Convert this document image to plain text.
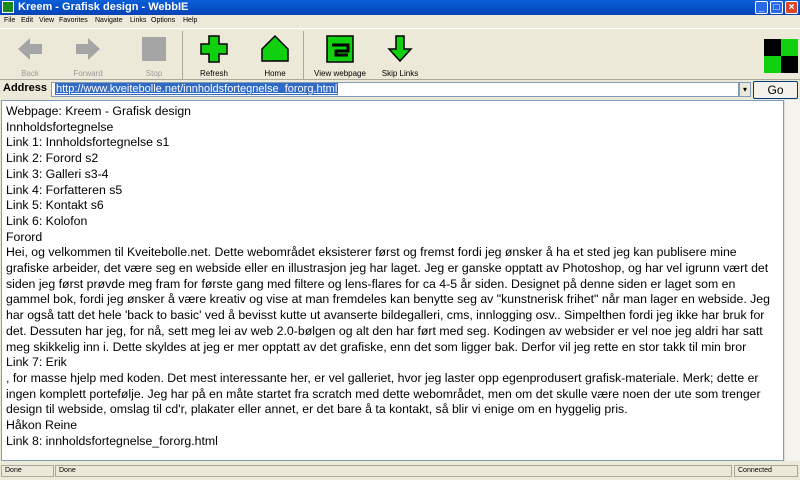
Kreem - Grafisk design - WebbIE	_ □ ×
File Edit View Favorites Navigate Links Options Help
Back	Forward	Stop	Refresh	Home	View webpage	Skip Links
Address http://www.kveitebolle.net/innholdsfortegnelse_fororg.html	▾	Go
Webpage: Kreem - Grafisk design
Innholdsfortegnelse
Link 1: Innholdsfortegnelse s1
Link 2: Forord s2
Link 3: Galleri s3-4
Link 4: Forfatteren s5
Link 5: Kontakt s6
Link 6: Kolofon
Forord
Hei, og velkommen til Kveitebolle.net. Dette webområdet eksisterer først og fremst fordi jeg ønsker å ha et sted jeg kan publisere mine grafiske arbeider, det være seg en webside eller en illustrasjon jeg har laget. Jeg er ganske opptatt av Photoshop, og har vel igrunn vært det siden jeg først prøvde meg fram for første gang med filtere og lens-flares for ca 4-5 år siden. Designet på denne siden er laget som en gammel bok, fordi jeg ønsker å være kreativ og vise at man fremdeles kan benytte seg av "kunstnerisk frihet" når man lager en webside. Jeg har også tatt det hele 'back to basic' ved å bevisst kutte ut avanserte bildegalleri, cms, innlogging osv.. Simpelthen fordi jeg ikke har bruk for det. Dessuten har jeg, for nå, sett meg lei av web 2.0-bølgen og alt den har ført med seg. Kodingen av websider er vel noe jeg aldri har satt meg skikkelig inn i. Dette skyldes at jeg er mer opptatt av det grafiske, enn det som ligger bak. Derfor vil jeg rette en stor takk til min bror
Link 7: Erik
, for masse hjelp med koden. Det mest interessante her, er vel galleriet, hvor jeg laster opp egenprodusert grafisk-materiale. Merk; dette er ingen komplett portefølje. Jeg har på en måte startet fra scratch med dette webområdet, men om det skulle være noen der ute som trenger design til webside, omslag til cd'r, plakater eller annet, er det bare å ta kontakt, så blir vi enige om en hyggelig pris.
Håkon Reine
Link 8: innholdsfortegnelse_fororg.html
Done	Done	Connected
